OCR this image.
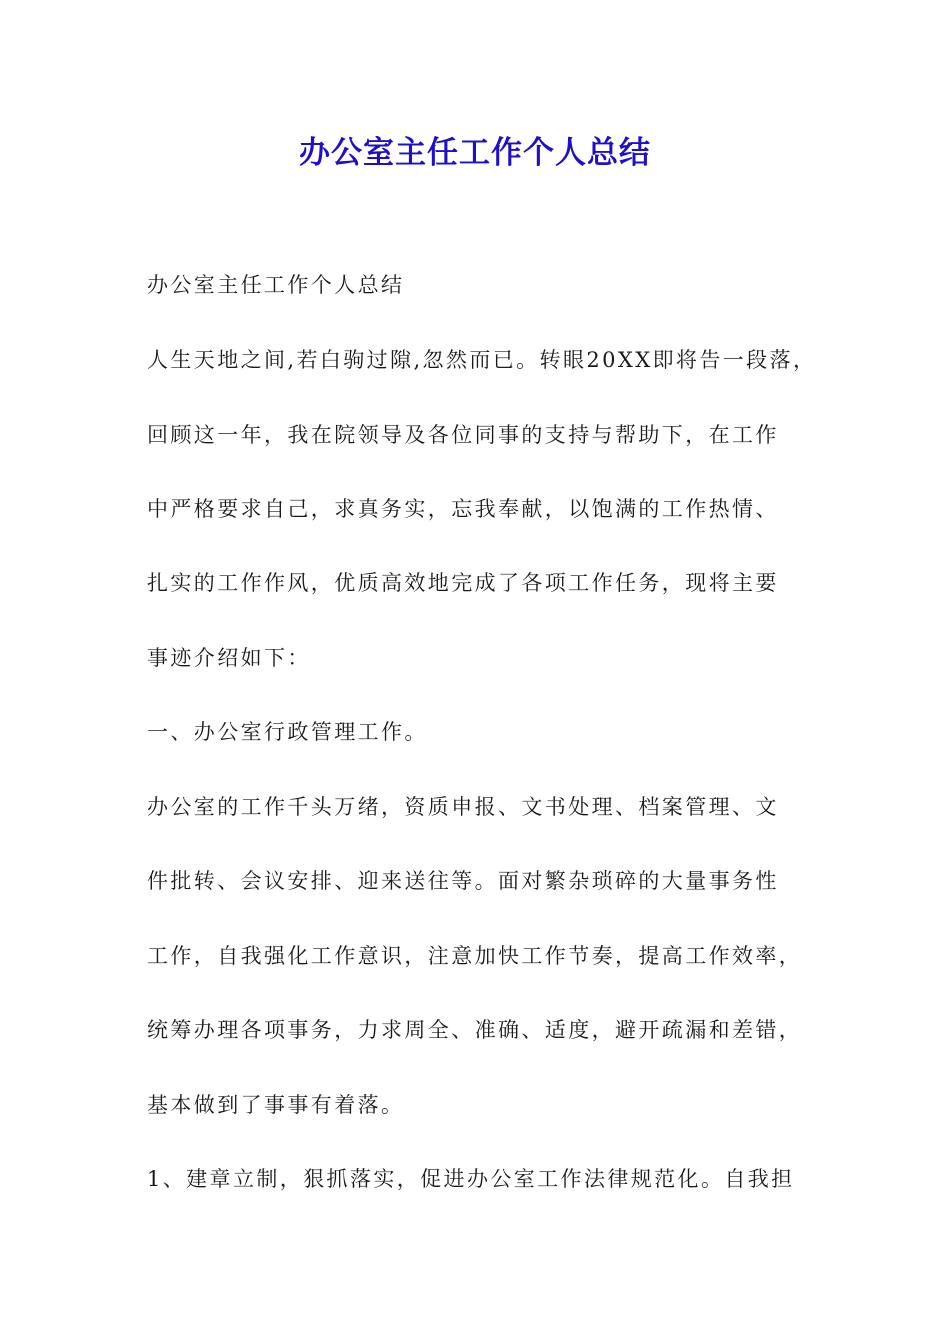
办公室主任工作个人总结
办公室主任工作个人总结
人生天地之间,若白驹过隙,忽然而已。转眼20XX即将告一段落，
回顾这一年，我在院领导及各位同事的支持与帮助下，在工作
中严格要求自己，求真务实，忘我奉献，以饱满的工作热情、
扎实的工作作风，优质高效地完成了各项工作任务，现将主要
事迹介绍如下：
一、办公室行政管理工作。
办公室的工作千头万绪，资质申报、文书处理、档案管理、文
件批转、会议安排、迎来送往等。面对繁杂琐碎的大量事务性
工作，自我强化工作意识，注意加快工作节奏，提高工作效率，
统筹办理各项事务，力求周全、准确、适度，避开疏漏和差错，
基本做到了事事有着落。
1、建章立制，狠抓落实，促进办公室工作法律规范化。自我担
